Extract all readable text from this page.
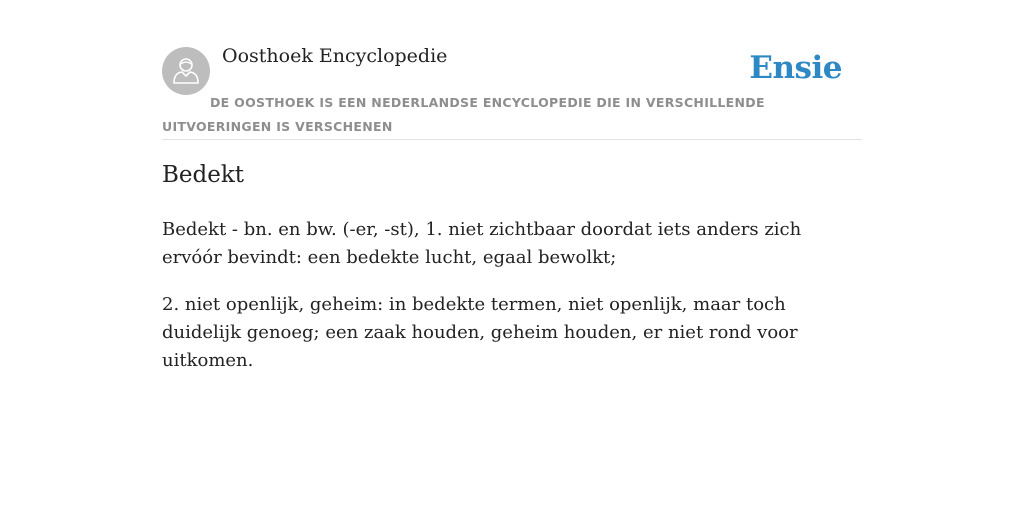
Oosthoek Encyclopedie	Ensie
DE OOSTHOEK IS EEN NEDERLANDSE ENCYCLOPEDIE DIE IN VERSCHILLENDE UITVOERINGEN IS VERSCHENEN
Bedekt

Bedekt - bn. en bw. (-er, -st), 1. niet zichtbaar doordat iets anders zich ervóór bevindt: een bedekte lucht, egaal bewolkt;

2. niet openlijk, geheim: in bedekte termen, niet openlijk, maar toch duidelijk genoeg; een zaak houden, geheim houden, er niet rond voor uitkomen.
